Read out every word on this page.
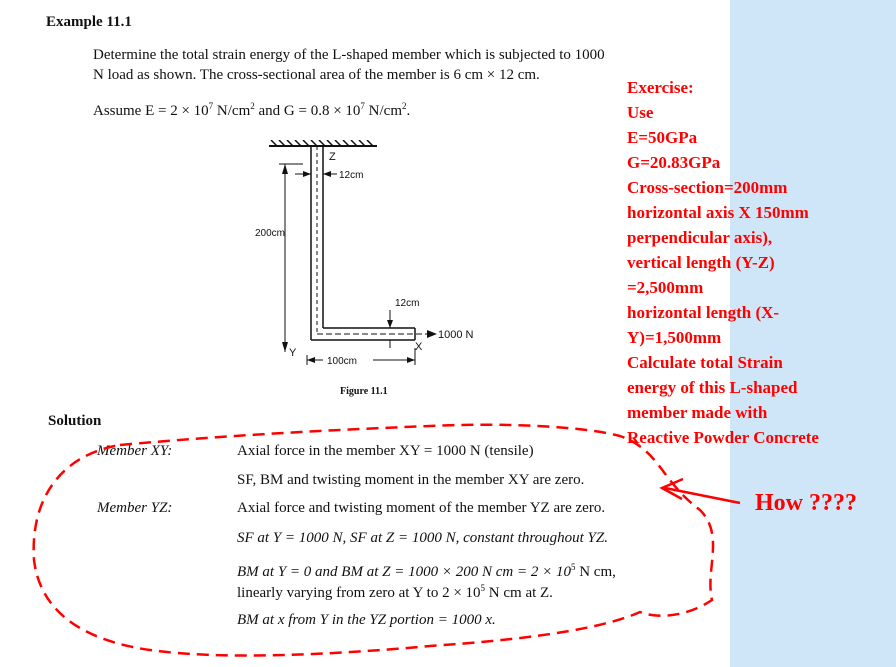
Example 11.1
Determine the total strain energy of the L-shaped member which is subjected to 1000
N load as shown. The cross-sectional area of the member is 6 cm × 12 cm.
Assume $E = 2 \times 10^7$ $N/cm^2$ and $G = 0.8 \times 10^7$ $N/cm^2$.
Z
12cm
200cm
12cm
1000 N
X
Y
100cm
Figure 11.1
Solution
Member XY:	Axial force in the member XY = 1000 N (tensile)
SF, BM and twisting moment in the member XY are zero.
Member YZ:	Axial force and twisting moment of the member YZ are zero.
SF at Y = 1000 N, SF at Z = 1000 N, constant throughout YZ.
BM at Y = 0 and BM at Z = 1000 × 200 N cm = $2 \times 10^5$ N cm,
linearly varying from zero at Y to $2 \times 10^5$ N cm at Z.
BM at x from Y in the YZ portion = 1000 x.
Exercise:
Use
E=50GPa
G=20.83GPa
Cross-section=200mm
horizontal axis X 150mm
perpendicular axis),
vertical length (Y-Z)
=2,500mm
horizontal length (X-
Y)=1,500mm
Calculate total Strain
energy of this L-shaped
member made with
Reactive Powder Concrete
How ????
